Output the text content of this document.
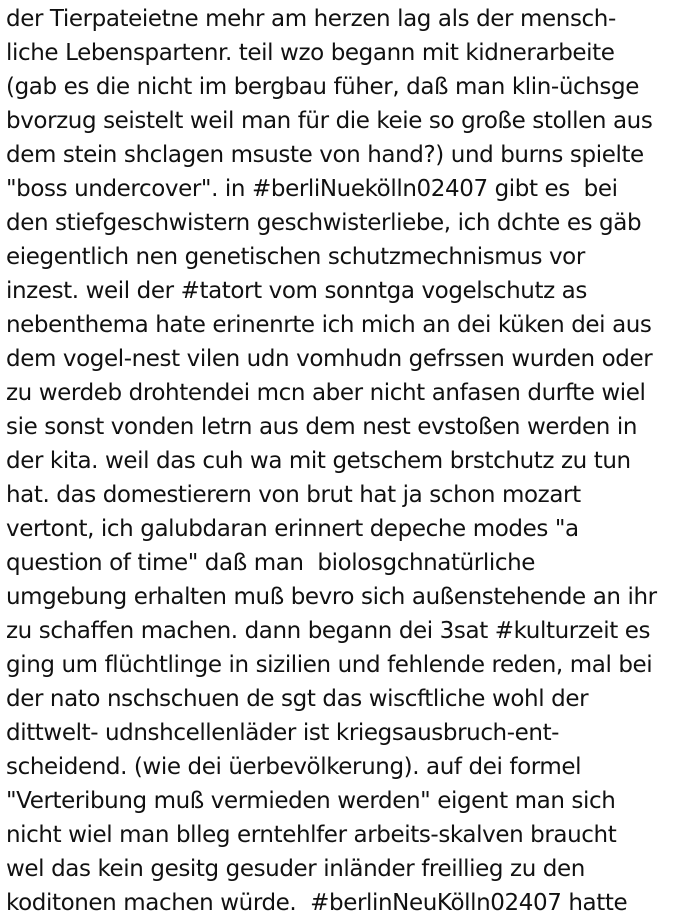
der Tierpateietne mehr am herzen lag als der mensch-
liche Lebenspartenr. teil wzo begann mit kidnerarbeite
(gab es die nicht im bergbau füher, daß man klin-üchsge
bvorzug seistelt weil man für die keie so große stollen aus
dem stein shclagen msuste von hand?) und burns spielte
"boss undercover". in #berliNuekölln02407 gibt es  bei
den stiefgeschwistern geschwisterliebe, ich dchte es gäb
eiegentlich nen genetischen schutzmechnismus vor
inzest. weil der #tatort vom sonntga vogelschutz as
nebenthema hate erinenrte ich mich an dei küken dei aus
dem vogel-nest vilen udn vomhudn gefrssen wurden oder
zu werdeb drohtendei mcn aber nicht anfasen durfte wiel
sie sonst vonden letrn aus dem nest evstoßen werden in
der kita. weil das cuh wa mit getschem brstchutz zu tun
hat. das domestierern von brut hat ja schon mozart
vertont, ich galubdaran erinnert depeche modes "a
question of time" daß man  biolosgchnatürliche
umgebung erhalten muß bevro sich außenstehende an ihr
zu schaffen machen. dann begann dei 3sat #kulturzeit es
ging um flüchtlinge in sizilien und fehlende reden, mal bei
der nato nschschuen de sgt das wiscftliche wohl der
dittwelt- udnshcellenläder ist kriegsausbruch-ent-
scheidend. (wie dei üerbevölkerung). auf dei formel
"Verteribung muß vermieden werden" eigent man sich
nicht wiel man blleg erntehlfer arbeits-skalven braucht
wel das kein gesitg gesuder inländer freillieg zu den
koditonen machen würde.  #berlinNeuKölln02407 hatte
